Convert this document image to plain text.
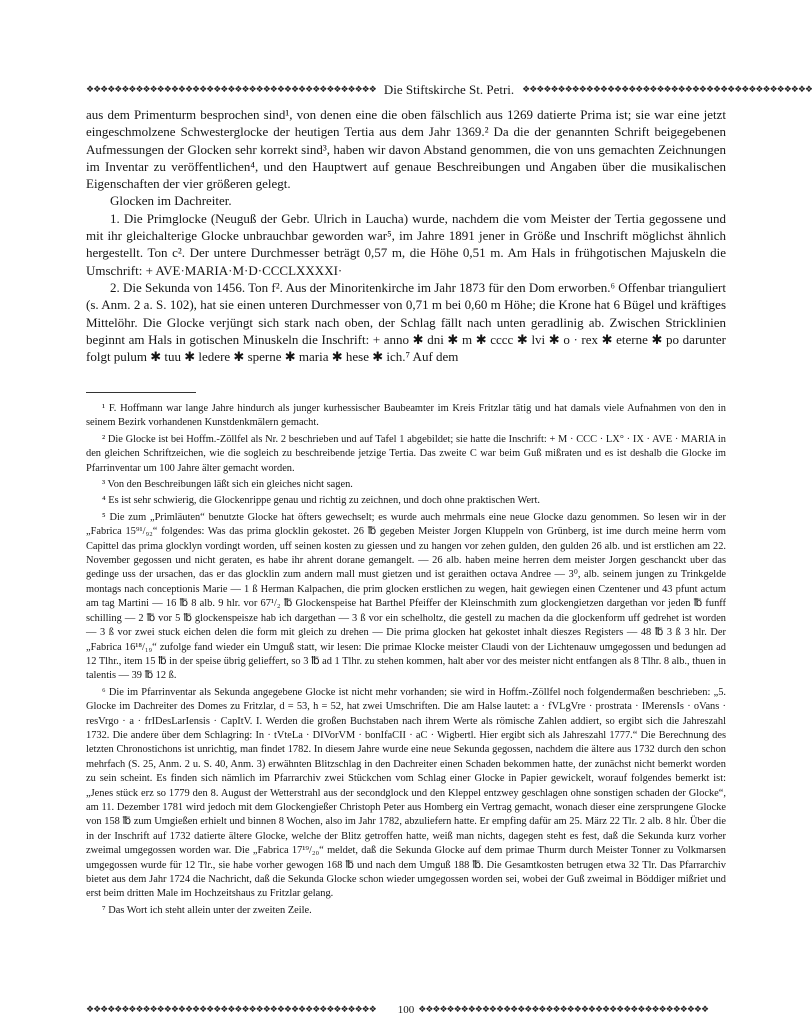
❖❖❖❖❖❖❖❖❖❖❖❖❖❖❖❖❖❖❖❖❖❖❖❖❖❖❖❖❖❖❖❖❖❖❖❖❖❖❖❖❖ Die Stiftskirche St. Petri. ❖❖❖❖❖❖❖❖❖❖❖❖❖❖❖❖❖❖❖❖❖❖❖❖❖❖❖❖❖❖❖❖❖❖❖❖❖❖❖❖❖

aus dem Primenturm besprochen sind¹, von denen eine die oben fälschlich aus 1269 datierte Prima ist; sie war eine jetzt eingeschmolzene Schwesterglocke der heutigen Tertia aus dem Jahr 1369.² Da die der genannten Schrift beigegebenen Aufmessungen der Glocken sehr korrekt sind³, haben wir davon Abstand genommen, die von uns gemachten Zeichnungen im Inventar zu veröffentlichen⁴, und den Hauptwert auf genaue Beschreibungen und Angaben über die musikalischen Eigenschaften der vier größeren gelegt.

Glocken im Dachreiter.

1. Die Primglocke (Neuguß der Gebr. Ulrich in Laucha) wurde, nachdem die vom Meister der Tertia gegossene und mit ihr gleichalterige Glocke unbrauchbar geworden war⁵, im Jahre 1891 jener in Größe und Inschrift möglichst ähnlich hergestellt. Ton c². Der untere Durchmesser beträgt 0,57 m, die Höhe 0,51 m. Am Hals in frühgotischen Majuskeln die Umschrift: + AVE·MARIA·M·D·CCCLXXXXI·

2. Die Sekunda von 1456. Ton f². Aus der Minoritenkirche im Jahr 1873 für den Dom erworben.⁶ Offenbar trianguliert (s. Anm. 2 a. S. 102), hat sie einen unteren Durchmesser von 0,71 m bei 0,60 m Höhe; die Krone hat 6 Bügel und kräftiges Mittelöhr. Die Glocke verjüngt sich stark nach oben, der Schlag fällt nach unten geradlinig ab. Zwischen Stricklinien beginnt am Hals in gotischen Minuskeln die Inschrift: + anno ✱ dni ✱ m ✱ cccc ✱ lvi ✱ o · rex ✱ eterne ✱ po darunter folgt pulum ✱ tuu ✱ ledere ✱ sperne ✱ maria ✱ hese ✱ ich.⁷ Auf dem

¹ F. Hoffmann war lange Jahre hindurch als junger kurhessischer Baubeamter im Kreis Fritzlar tätig und hat damals viele Aufnahmen von den in seinem Bezirk vorhandenen Kunstdenkmälern gemacht.

² Die Glocke ist bei Hoffm.-Zöllfel als Nr. 2 beschrieben und auf Tafel 1 abgebildet; sie hatte die Inschrift: + M · CCC · LX° · IX · AVE · MARIA in den gleichen Schriftzeichen, wie die sogleich zu beschreibende jetzige Tertia. Das zweite C war beim Guß mißraten und es ist deshalb die Glocke im Pfarrinventar um 100 Jahre älter gemacht worden.

³ Von den Beschreibungen läßt sich ein gleiches nicht sagen.

⁴ Es ist sehr schwierig, die Glockenrippe genau und richtig zu zeichnen, und doch ohne praktischen Wert.

⁵ Die zum „Primläuten“ benutzte Glocke hat öfters gewechselt; es wurde auch mehrmals eine neue Glocke dazu genommen. So lesen wir in der „Fabrica 15⁹¹/₉₂“ folgendes: Was das prima glocklin gekostet. 26 ℔ gegeben Meister Jorgen Kluppeln von Grünberg, ist ime durch meine herrn vom Capittel das prima glocklyn vordingt worden, uff seinen kosten zu giessen und zu hangen vor zehen gulden, den gulden 26 alb. und ist erstlichen am 22. November gegossen und nicht geraten, es habe ihr ahrent dorane gemangelt. — 26 alb. haben meine herren dem meister Jorgen geschanckt uber das gedinge uss der ursachen, das er das glocklin zum andern mall must gietzen und ist geraithen octava Andree — 3⁰, alb. seinem jungen zu Trinkgelde montags nach conceptionis Marie — 1 ß Herman Kalpachen, die prim glocken erstlichen zu wegen, hait gewiegen einen Czentener und 43 pfunt actum am tag Martini — 16 ℔ 8 alb. 9 hlr. vor 67¹/₂ ℔ Glockenspeise hat Barthel Pfeiffer der Kleinschmith zum glockengietzen dargethan vor jeden ℔ funff schilling — 2 ℔ vor 5 ℔ glockenspeisze hab ich dargethan — 3 ß vor ein schelholtz, die gestell zu machen da die glockenform uff gedrehet ist worden — 3 ß vor zwei stuck eichen delen die form mit gleich zu drehen — Die prima glocken hat gekostet inhalt dieszes Registers — 48 ℔ 3 ß 3 hlr. Der „Fabrica 16¹⁸/₁₉“ zufolge fand wieder ein Umguß statt, wir lesen: Die primae Klocke meister Claudi von der Lichtenauw umgegossen und bedungen ad 12 Tlhr., item 15 ℔ in der speise übrig gelieffert, so 3 ℔ ad 1 Tlhr. zu stehen kommen, halt aber vor des meister nicht entfangen als 8 Tlhr. 8 alb., thuen in talentis — 39 ℔ 12 ß.

⁶ Die im Pfarrinventar als Sekunda angegebene Glocke ist nicht mehr vorhanden; sie wird in Hoffm.-Zöllfel noch folgendermaßen beschrieben: „5. Glocke im Dachreiter des Domes zu Fritzlar, d = 53, h = 52, hat zwei Umschriften. Die am Halse lautet: a · fVLgVre · prostrata · IMerensIs · oVans · resVrgo · a · frIDesLarIensis · CapItV. I. Werden die großen Buchstaben nach ihrem Werte als römische Zahlen addiert, so ergibt sich die Jahreszahl 1732. Die andere über dem Schlagring: In · tVteLa · DIVorVM · bonIfaCII · aC · Wigbertl. Hier ergibt sich als Jahreszahl 1777.“ Die Berechnung des letzten Chronostichons ist unrichtig, man findet 1782. In diesem Jahre wurde eine neue Sekunda gegossen, nachdem die ältere aus 1732 durch den schon mehrfach (S. 25, Anm. 2 u. S. 40, Anm. 3) erwähnten Blitzschlag in den Dachreiter einen Schaden bekommen hatte, der zunächst nicht bemerkt worden zu sein scheint. Es finden sich nämlich im Pfarrarchiv zwei Stückchen vom Schlag einer Glocke in Papier gewickelt, worauf folgendes bemerkt ist: „Jenes stück erz so 1779 den 8. August der Wetterstrahl aus der secondglock und den Kleppel entzwey geschlagen ohne sonstigen schaden der Glocke“, am 11. Dezember 1781 wird jedoch mit dem Glockengießer Christoph Peter aus Homberg ein Vertrag gemacht, wonach dieser eine zersprungene Glocke von 158 ℔ zum Umgießen erhielt und binnen 8 Wochen, also im Jahr 1782, abzuliefern hatte. Er empfing dafür am 25. März 22 Tlr. 2 alb. 8 hlr. Über die in der Inschrift auf 1732 datierte ältere Glocke, welche der Blitz getroffen hatte, weiß man nichts, dagegen steht es fest, daß die Sekunda kurz vorher zweimal umgegossen worden war. Die „Fabrica 17¹⁹/₂₀“ meldet, daß die Sekunda Glocke auf dem primae Thurm durch Meister Tonner zu Volkmarsen umgegossen wurde für 12 Tlr., sie habe vorher gewogen 168 ℔ und nach dem Umguß 188 ℔. Die Gesamtkosten betrugen etwa 32 Tlr. Das Pfarrarchiv bietet aus dem Jahr 1724 die Nachricht, daß die Sekunda Glocke schon wieder umgegossen worden sei, wobei der Guß zweimal in Böddiger mißriet und erst beim dritten Male im Hochzeitshaus zu Fritzlar gelang.

⁷ Das Wort ich steht allein unter der zweiten Zeile.

❖❖❖❖❖❖❖❖❖❖❖❖❖❖❖❖❖❖❖❖❖❖❖❖❖❖❖❖❖❖❖❖❖❖❖❖❖❖❖❖❖	100 ❖❖❖❖❖❖❖❖❖❖❖❖❖❖❖❖❖❖❖❖❖❖❖❖❖❖❖❖❖❖❖❖❖❖❖❖❖❖❖❖❖
